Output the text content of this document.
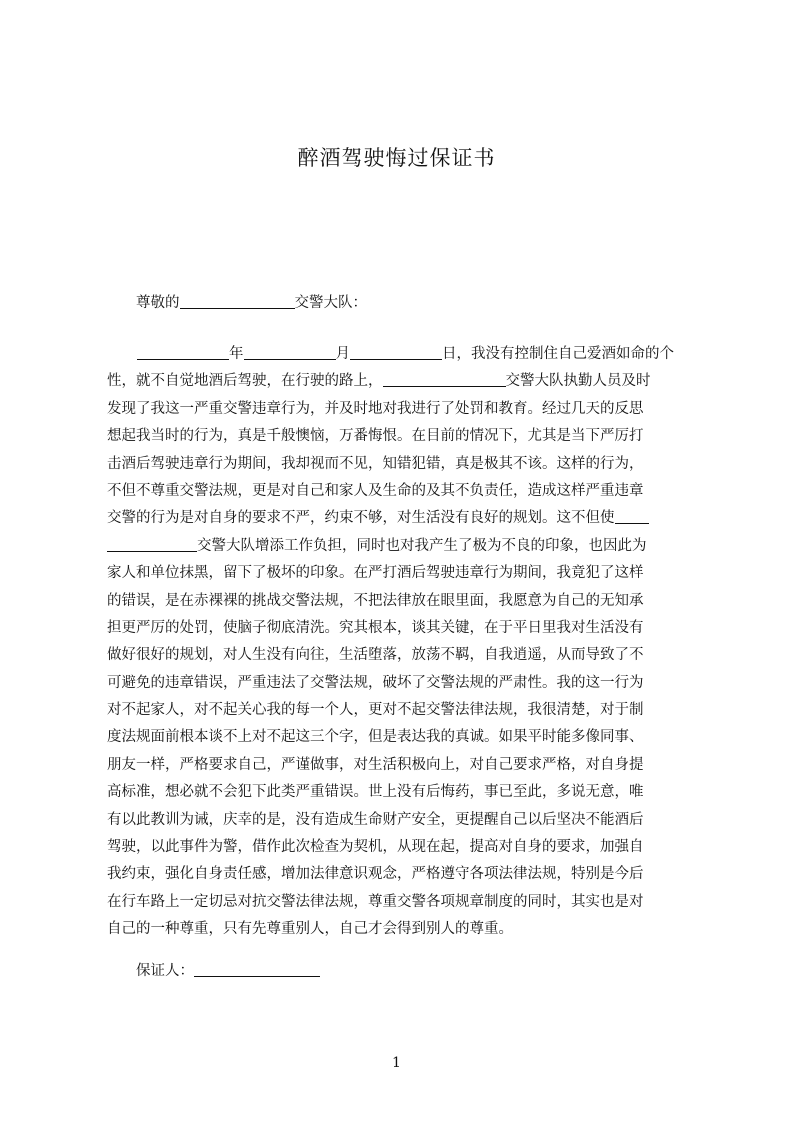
醉酒驾驶悔过保证书
尊敬的	交警大队：
年	月	日，我没有控制住自己爱酒如命的个
性，就不自觉地酒后驾驶，在行驶的路上，	交警大队执勤人员及时
发现了我这一严重交警违章行为，并及时地对我进行了处罚和教育。经过几天的反思
想起我当时的行为，真是千般懊恼，万番悔恨。在目前的情况下，尤其是当下严厉打
击酒后驾驶违章行为期间，我却视而不见，知错犯错，真是极其不该。这样的行为，
不但不尊重交警法规，更是对自己和家人及生命的及其不负责任，造成这样严重违章
交警的行为是对自身的要求不严，约束不够，对生活没有良好的规划。这不但使
交警大队增添工作负担，同时也对我产生了极为不良的印象，也因此为
家人和单位抹黑，留下了极坏的印象。在严打酒后驾驶违章行为期间，我竟犯了这样
的错误，是在赤裸裸的挑战交警法规，不把法律放在眼里面，我愿意为自己的无知承
担更严厉的处罚，使脑子彻底清洗。究其根本，谈其关键，在于平日里我对生活没有
做好很好的规划，对人生没有向往，生活堕落，放荡不羁，自我逍遥，从而导致了不
可避免的违章错误，严重违法了交警法规，破坏了交警法规的严肃性。我的这一行为
对不起家人，对不起关心我的每一个人，更对不起交警法律法规，我很清楚，对于制
度法规面前根本谈不上对不起这三个字，但是表达我的真诚。如果平时能多像同事、
朋友一样，严格要求自己，严谨做事，对生活积极向上，对自己要求严格，对自身提
高标准，想必就不会犯下此类严重错误。世上没有后悔药，事已至此，多说无意，唯
有以此教训为诫，庆幸的是，没有造成生命财产安全，更提醒自己以后坚决不能酒后
驾驶，以此事件为警，借作此次检查为契机，从现在起，提高对自身的要求，加强自
我约束，强化自身责任感，增加法律意识观念，严格遵守各项法律法规，特别是今后
在行车路上一定切忌对抗交警法律法规，尊重交警各项规章制度的同时，其实也是对
自己的一种尊重，只有先尊重别人，自己才会得到别人的尊重。
保证人：
1
